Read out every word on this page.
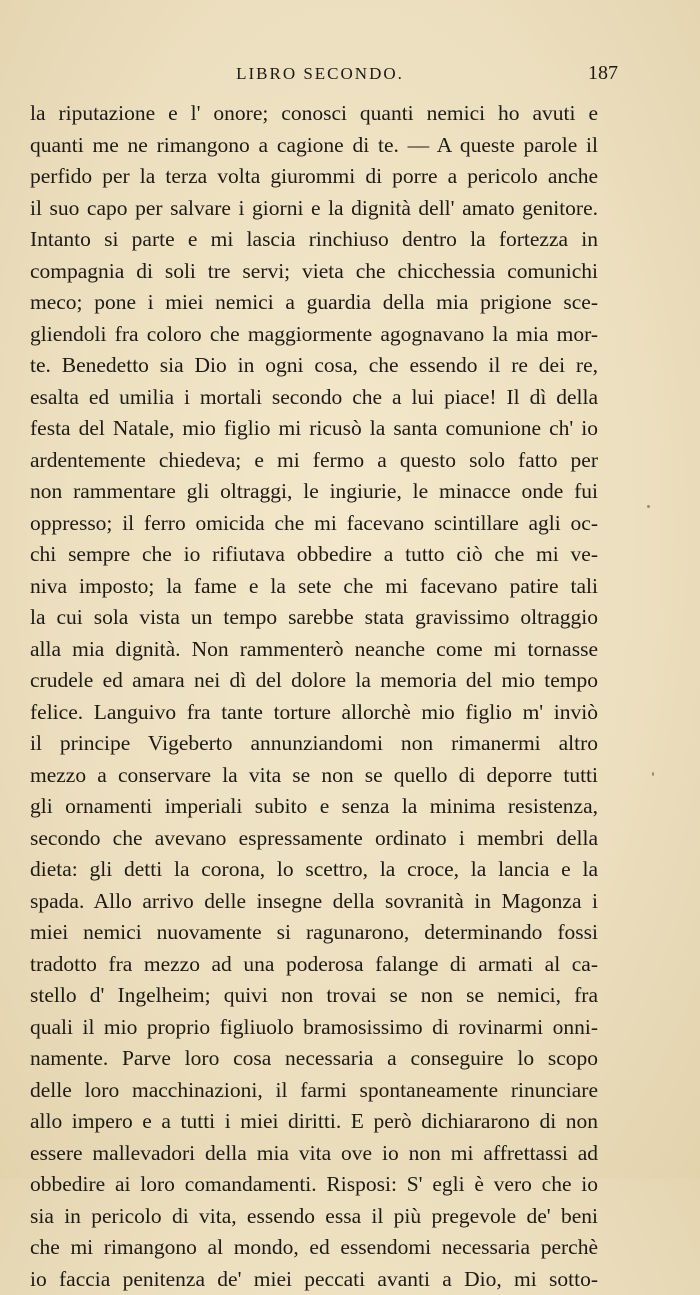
LIBRO SECONDO.	187
la riputazione e l' onore; conosci quanti nemici ho avuti e
quanti me ne rimangono a cagione di te. — A queste parole il
perfido per la terza volta giurommi di porre a pericolo anche
il suo capo per salvare i giorni e la dignità dell' amato genitore.
Intanto si parte e mi lascia rinchiuso dentro la fortezza in
compagnia di soli tre servi; vieta che chicchessia comunichi
meco; pone i miei nemici a guardia della mia prigione sce-
gliendoli fra coloro che maggiormente agognavano la mia mor-
te. Benedetto sia Dio in ogni cosa, che essendo il re dei re,
esalta ed umilia i mortali secondo che a lui piace! Il dì della
festa del Natale, mio figlio mi ricusò la santa comunione ch' io
ardentemente chiedeva; e mi fermo a questo solo fatto per
non rammentare gli oltraggi, le ingiurie, le minacce onde fui
oppresso; il ferro omicida che mi facevano scintillare agli oc-
chi sempre che io rifiutava obbedire a tutto ciò che mi ve-
niva imposto; la fame e la sete che mi facevano patire tali
la cui sola vista un tempo sarebbe stata gravissimo oltraggio
alla mia dignità. Non rammenterò neanche come mi tornasse
crudele ed amara nei dì del dolore la memoria del mio tempo
felice. Languivo fra tante torture allorchè mio figlio m' inviò
il principe Vigeberto annunziandomi non rimanermi altro
mezzo a conservare la vita se non se quello di deporre tutti
gli ornamenti imperiali subito e senza la minima resistenza,
secondo che avevano espressamente ordinato i membri della
dieta: gli detti la corona, lo scettro, la croce, la lancia e la
spada. Allo arrivo delle insegne della sovranità in Magonza i
miei nemici nuovamente si ragunarono, determinando fossi
tradotto fra mezzo ad una poderosa falange di armati al ca-
stello d' Ingelheim; quivi non trovai se non se nemici, fra
quali il mio proprio figliuolo bramosissimo di rovinarmi onni-
namente. Parve loro cosa necessaria a conseguire lo scopo
delle loro macchinazioni, il farmi spontaneamente rinunciare
allo impero e a tutti i miei diritti. E però dichiararono di non
essere mallevadori della mia vita ove io non mi affrettassi ad
obbedire ai loro comandamenti. Risposi: S' egli è vero che io
sia in pericolo di vita, essendo essa il più pregevole de' beni
che mi rimangono al mondo, ed essendomi necessaria perchè
io faccia penitenza de' miei peccati avanti a Dio, mi sotto-
